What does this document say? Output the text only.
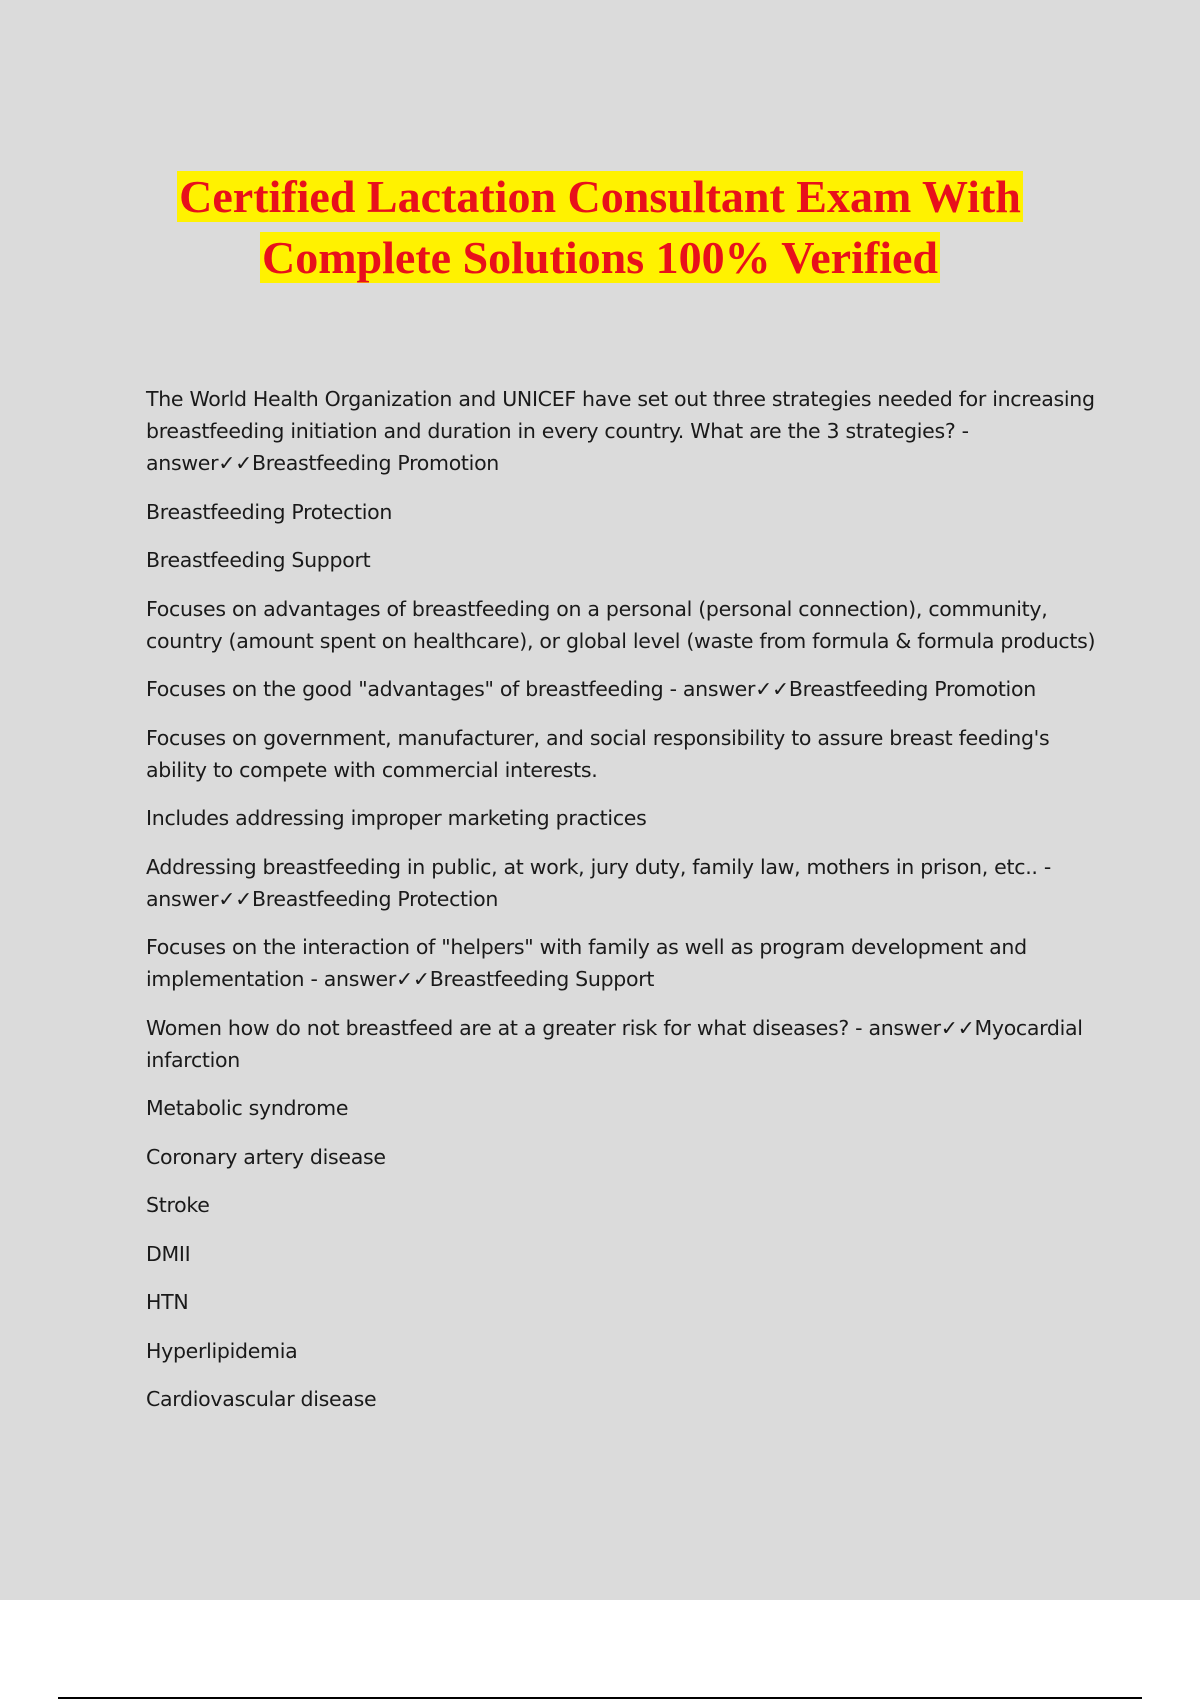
Certified Lactation Consultant Exam With
Complete Solutions 100% Verified

The World Health Organization and UNICEF have set out three strategies needed for increasing breastfeeding initiation and duration in every country. What are the 3 strategies? - answer✓✓Breastfeeding Promotion

Breastfeeding Protection

Breastfeeding Support

Focuses on advantages of breastfeeding on a personal (personal connection), community, country (amount spent on healthcare), or global level (waste from formula & formula products)

Focuses on the good "advantages" of breastfeeding - answer✓✓Breastfeeding Promotion

Focuses on government, manufacturer, and social responsibility to assure breast feeding's ability to compete with commercial interests.

Includes addressing improper marketing practices

Addressing breastfeeding in public, at work, jury duty, family law, mothers in prison, etc.. - answer✓✓Breastfeeding Protection

Focuses on the interaction of "helpers" with family as well as program development and implementation - answer✓✓Breastfeeding Support

Women how do not breastfeed are at a greater risk for what diseases? - answer✓✓Myocardial infarction

Metabolic syndrome

Coronary artery disease

Stroke

DMII

HTN

Hyperlipidemia

Cardiovascular disease
